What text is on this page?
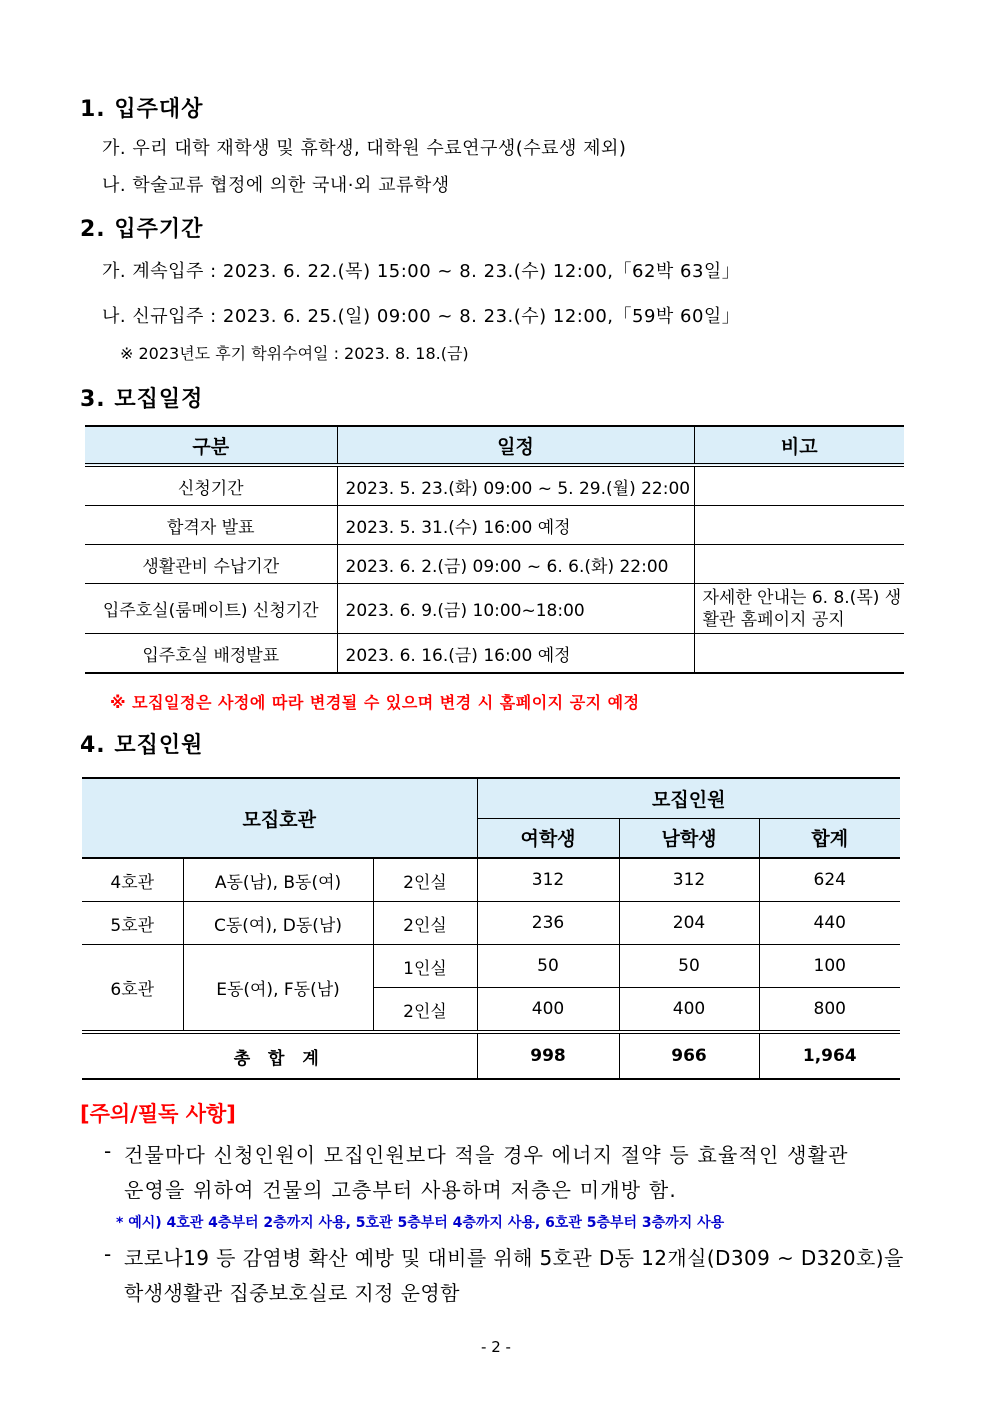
1. 입주대상
가. 우리 대학 재학생 및 휴학생, 대학원 수료연구생(수료생 제외)
나. 학술교류 협정에 의한 국내·외 교류학생
2. 입주기간
가. 계속입주 : 2023. 6. 22.(목) 15:00 ~ 8. 23.(수) 12:00,「62박 63일」
나. 신규입주 : 2023. 6. 25.(일) 09:00 ~ 8. 23.(수) 12:00,「59박 60일」
※ 2023년도 후기 학위수여일 : 2023. 8. 18.(금)
3. 모집일정
구분	일정	비고
신청기간	2023. 5. 23.(화) 09:00 ~ 5. 29.(월) 22:00	
합격자 발표	2023. 5. 31.(수) 16:00 예정	
생활관비 수납기간	2023. 6. 2.(금) 09:00 ~ 6. 6.(화) 22:00	
입주호실(룸메이트) 신청기간	2023. 6. 9.(금) 10:00~18:00	자세한 안내는 6. 8.(목) 생활관 홈페이지 공지
입주호실 배정발표	2023. 6. 16.(금) 16:00 예정	
※ 모집일정은 사정에 따라 변경될 수 있으며 변경 시 홈페이지 공지 예정
4. 모집인원
모집호관			모집인원		
			여학생	남학생	합계
4호관	A동(남), B동(여)	2인실	312	312	624
5호관	C동(여), D동(남)	2인실	236	204	440
6호관	E동(여), F동(남)	1인실	50	50	100
		2인실	400	400	800
총 합 계			998	966	1,964
[주의/필독 사항]
- 건물마다 신청인원이 모집인원보다 적을 경우 에너지 절약 등 효율적인 생활관
운영을 위하여 건물의 고층부터 사용하며 저층은 미개방 함.
* 예시) 4호관 4층부터 2층까지 사용, 5호관 5층부터 4층까지 사용, 6호관 5층부터 3층까지 사용
- 코로나19 등 감염병 확산 예방 및 대비를 위해 5호관 D동 12개실(D309 ~ D320호)을
학생생활관 집중보호실로 지정 운영함
- 2 -
